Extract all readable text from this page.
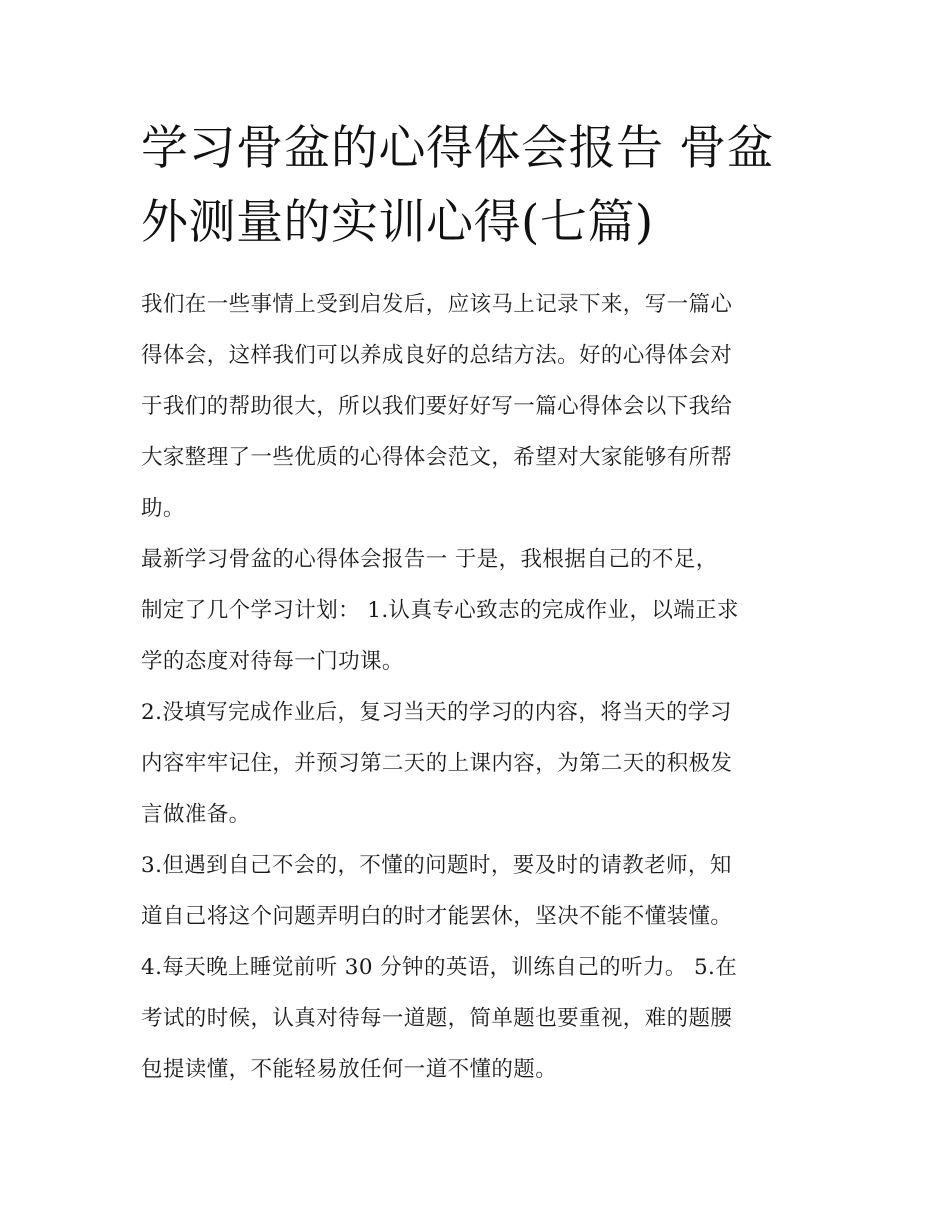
学习骨盆的心得体会报告 骨盆
外测量的实训心得(七篇)
我们在一些事情上受到启发后，应该马上记录下来，写一篇心
得体会，这样我们可以养成良好的总结方法。好的心得体会对
于我们的帮助很大，所以我们要好好写一篇心得体会以下我给
大家整理了一些优质的心得体会范文，希望对大家能够有所帮
助。
最新学习骨盆的心得体会报告一 于是，我根据自己的不足，
制定了几个学习计划： 1.认真专心致志的完成作业，以端正求
学的态度对待每一门功课。
2.没填写完成作业后，复习当天的学习的内容，将当天的学习
内容牢牢记住，并预习第二天的上课内容，为第二天的积极发
言做准备。
3.但遇到自己不会的，不懂的问题时，要及时的请教老师，知
道自己将这个问题弄明白的时才能罢休，坚决不能不懂装懂。
4.每天晚上睡觉前听 30 分钟的英语，训练自己的听力。 5.在
考试的时候，认真对待每一道题，简单题也要重视，难的题腰
包提读懂，不能轻易放任何一道不懂的题。
